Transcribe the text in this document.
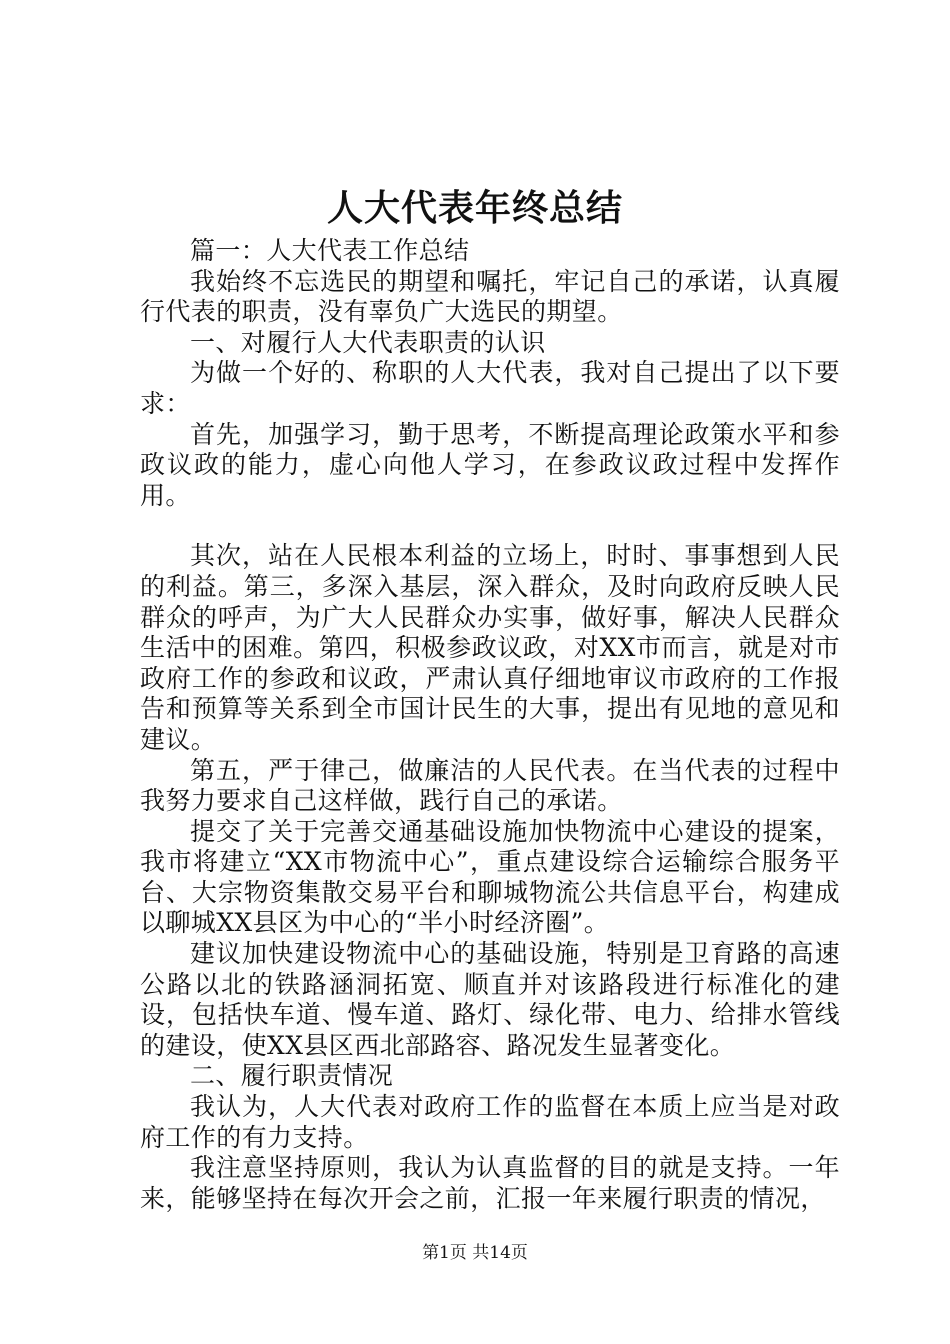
人大代表年终总结

篇一：人大代表工作总结

我始终不忘选民的期望和嘱托，牢记自己的承诺，认真履行代表的职责，没有辜负广大选民的期望。

一、对履行人大代表职责的认识

为做一个好的、称职的人大代表，我对自己提出了以下要求：

首先，加强学习，勤于思考，不断提高理论政策水平和参政议政的能力，虚心向他人学习，在参政议政过程中发挥作用。

其次，站在人民根本利益的立场上，时时、事事想到人民的利益。第三，多深入基层，深入群众，及时向政府反映人民群众的呼声，为广大人民群众办实事，做好事，解决人民群众生活中的困难。第四，积极参政议政，对XX市而言，就是对市政府工作的参政和议政，严肃认真仔细地审议市政府的工作报告和预算等关系到全市国计民生的大事，提出有见地的意见和建议。

第五，严于律己，做廉洁的人民代表。在当代表的过程中我努力要求自己这样做，践行自己的承诺。

提交了关于完善交通基础设施加快物流中心建设的提案，我市将建立“XX市物流中心”，重点建设综合运输综合服务平台、大宗物资集散交易平台和聊城物流公共信息平台，构建成以聊城XX县区为中心的“半小时经济圈”。

建议加快建设物流中心的基础设施，特别是卫育路的高速公路以北的铁路涵洞拓宽、顺直并对该路段进行标准化的建设，包括快车道、慢车道、路灯、绿化带、电力、给排水管线的建设，使XX县区西北部路容、路况发生显著变化。

二、履行职责情况

我认为，人大代表对政府工作的监督在本质上应当是对政府工作的有力支持。

我注意坚持原则，我认为认真监督的目的就是支持。一年来，能够坚持在每次开会之前，汇报一年来履行职责的情况，

第1页 共14页
